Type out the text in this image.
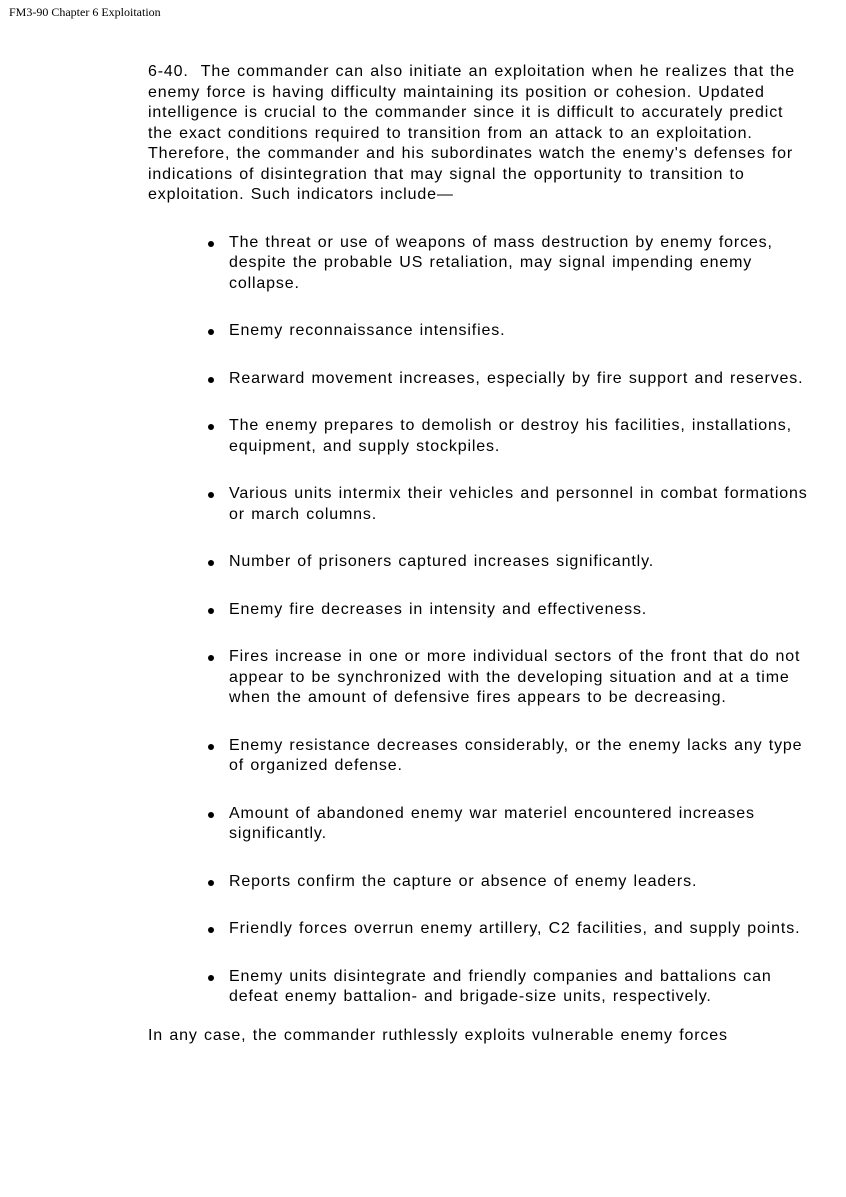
FM3-90 Chapter 6 Exploitation

6-40. The commander can also initiate an exploitation when he realizes that the enemy force is having difficulty maintaining its position or cohesion. Updated intelligence is crucial to the commander since it is difficult to accurately predict the exact conditions required to transition from an attack to an exploitation. Therefore, the commander and his subordinates watch the enemy's defenses for indications of disintegration that may signal the opportunity to transition to exploitation. Such indicators include—

The threat or use of weapons of mass destruction by enemy forces, despite the probable US retaliation, may signal impending enemy collapse.
Enemy reconnaissance intensifies.
Rearward movement increases, especially by fire support and reserves.
The enemy prepares to demolish or destroy his facilities, installations, equipment, and supply stockpiles.
Various units intermix their vehicles and personnel in combat formations or march columns.
Number of prisoners captured increases significantly.
Enemy fire decreases in intensity and effectiveness.
Fires increase in one or more individual sectors of the front that do not appear to be synchronized with the developing situation and at a time when the amount of defensive fires appears to be decreasing.
Enemy resistance decreases considerably, or the enemy lacks any type of organized defense.
Amount of abandoned enemy war materiel encountered increases significantly.
Reports confirm the capture or absence of enemy leaders.
Friendly forces overrun enemy artillery, C2 facilities, and supply points.
Enemy units disintegrate and friendly companies and battalions can defeat enemy battalion- and brigade-size units, respectively.

In any case, the commander ruthlessly exploits vulnerable enemy forces
